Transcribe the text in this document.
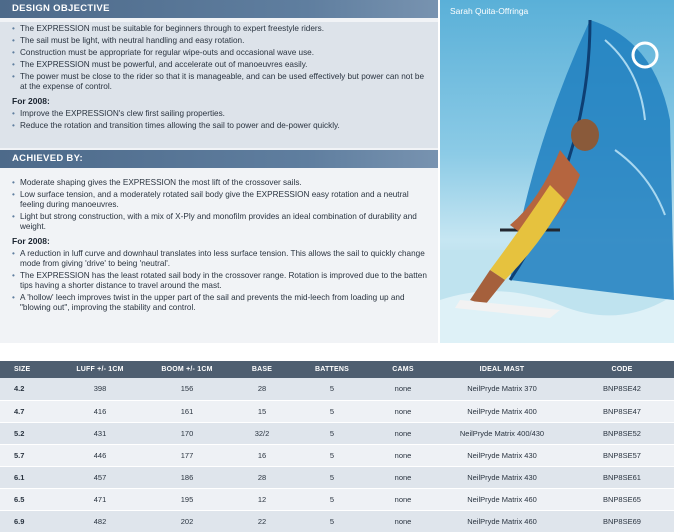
DESIGN OBJECTIVE
• The EXPRESSION must be suitable for beginners through to expert freestyle riders.
• The sail must be light, with neutral handling and easy rotation.
• Construction must be appropriate for regular wipe-outs and occasional wave use.
• The EXPRESSION must be powerful, and accelerate out of manoeuvres easily.
• The power must be close to the rider so that it is manageable, and can be used effectively but power can not be at the expense of control.
For 2008:
• Improve the EXPRESSION's clew first sailing properties.
• Reduce the rotation and transition times allowing the sail to power and de-power quickly.
ACHIEVED BY:
• Moderate shaping gives the EXPRESSION the most lift of the crossover sails.
• Low surface tension, and a moderately rotated sail body give the EXPRESSION easy rotation and a neutral feeling during manoeuvres.
• Light but strong construction, with a mix of X-Ply and monofilm provides an ideal combination of durability and weight.
For 2008:
• A reduction in luff curve and downhaul translates into less surface tension. This allows the sail to quickly change mode from giving 'drive' to being 'neutral'.
• The EXPRESSION has the least rotated sail body in the crossover range. Rotation is improved due to the batten tips having a shorter distance to travel around the mast.
• A 'hollow' leech improves twist in the upper part of the sail and prevents the mid-leech from loading up and "blowing out", improving the stability and control.
Sarah Quita-Offringa
SIZE	LUFF +/- 1CM	BOOM +/- 1CM	BASE	BATTENS	CAMS	IDEAL MAST	CODE
4.2	398	156	28	5	none	NeilPryde Matrix 370	BNP8SE42
4.7	416	161	15	5	none	NeilPryde Matrix 400	BNP8SE47
5.2	431	170	32/2	5	none	NeilPryde Matrix 400/430	BNP8SE52
5.7	446	177	16	5	none	NeilPryde Matrix 430	BNP8SE57
6.1	457	186	28	5	none	NeilPryde Matrix 430	BNP8SE61
6.5	471	195	12	5	none	NeilPryde Matrix 460	BNP8SE65
6.9	482	202	22	5	none	NeilPryde Matrix 460	BNP8SE69
